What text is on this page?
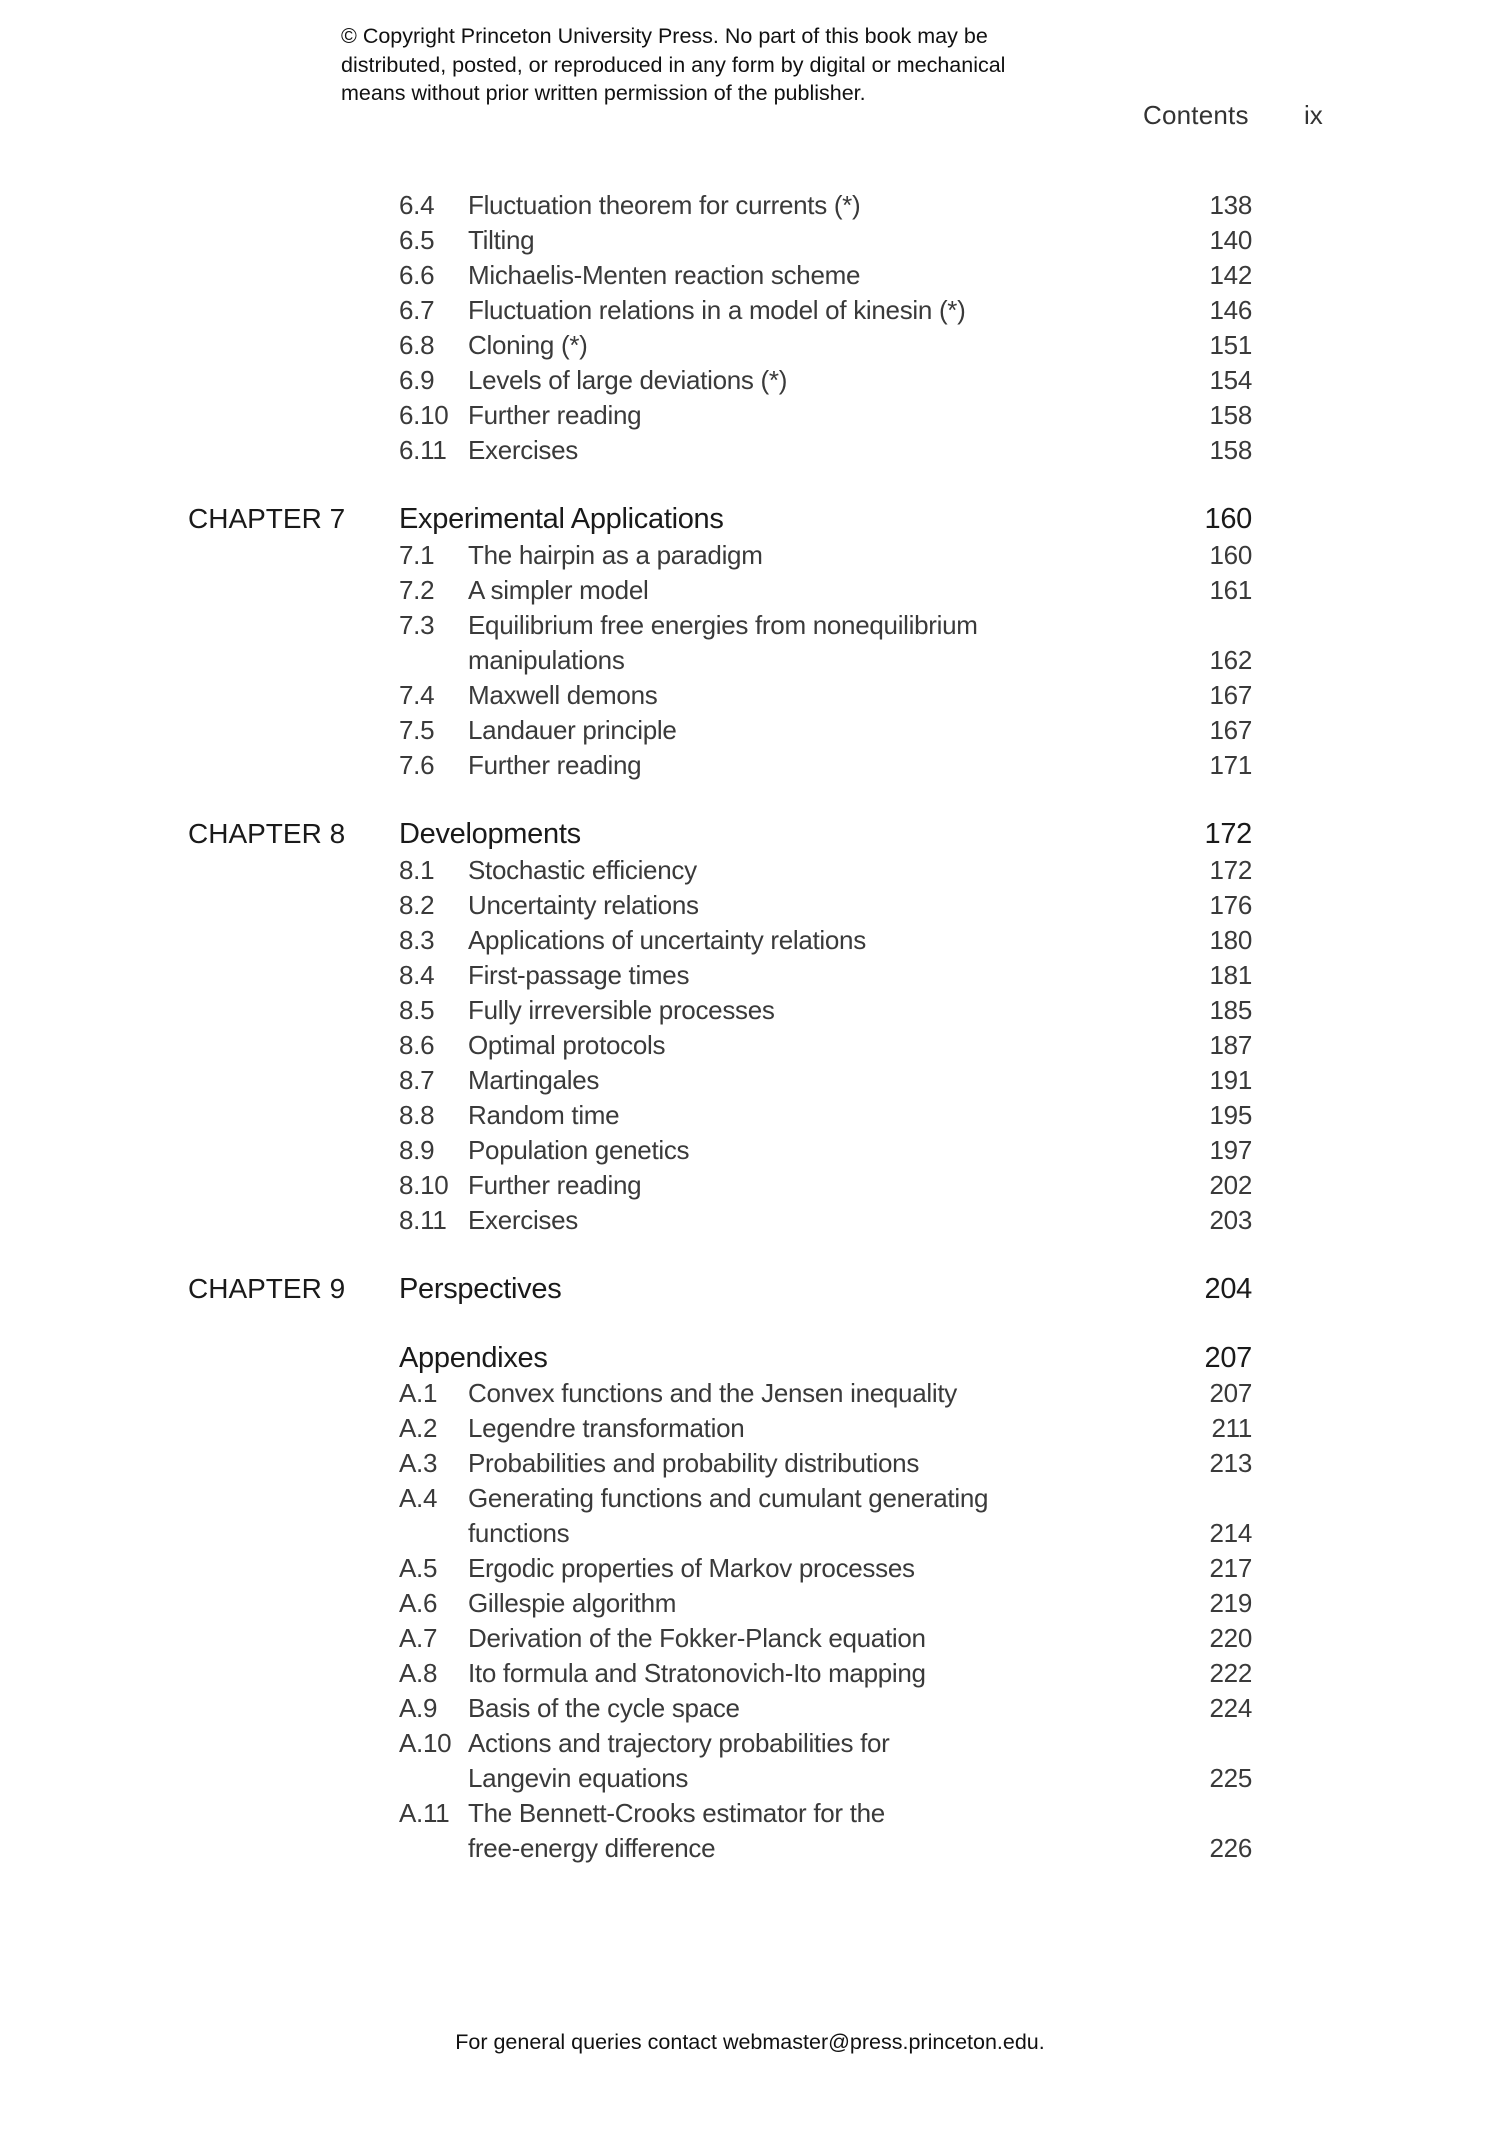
© Copyright Princeton University Press. No part of this book may be
distributed, posted, or reproduced in any form by digital or mechanical
means without prior written permission of the publisher.
Contents ix
6.4 Fluctuation theorem for currents (*)	138
6.5 Tilting	140
6.6 Michaelis-Menten reaction scheme	142
6.7 Fluctuation relations in a model of kinesin (*)	146
6.8 Cloning (*)	151
6.9 Levels of large deviations (*)	154
6.10 Further reading	158
6.11 Exercises	158
CHAPTER 7 Experimental Applications	160
7.1 The hairpin as a paradigm	160
7.2 A simpler model	161
7.3 Equilibrium free energies from nonequilibrium
manipulations	162
7.4 Maxwell demons	167
7.5 Landauer principle	167
7.6 Further reading	171
CHAPTER 8 Developments	172
8.1 Stochastic efficiency	172
8.2 Uncertainty relations	176
8.3 Applications of uncertainty relations	180
8.4 First-passage times	181
8.5 Fully irreversible processes	185
8.6 Optimal protocols	187
8.7 Martingales	191
8.8 Random time	195
8.9 Population genetics	197
8.10 Further reading	202
8.11 Exercises	203
CHAPTER 9 Perspectives	204
Appendixes	207
A.1 Convex functions and the Jensen inequality	207
A.2 Legendre transformation	211
A.3 Probabilities and probability distributions	213
A.4 Generating functions and cumulant generating
functions	214
A.5 Ergodic properties of Markov processes	217
A.6 Gillespie algorithm	219
A.7 Derivation of the Fokker-Planck equation	220
A.8 Ito formula and Stratonovich-Ito mapping	222
A.9 Basis of the cycle space	224
A.10 Actions and trajectory probabilities for
Langevin equations	225
A.11 The Bennett-Crooks estimator for the
free-energy difference	226
For general queries contact webmaster@press.princeton.edu.
